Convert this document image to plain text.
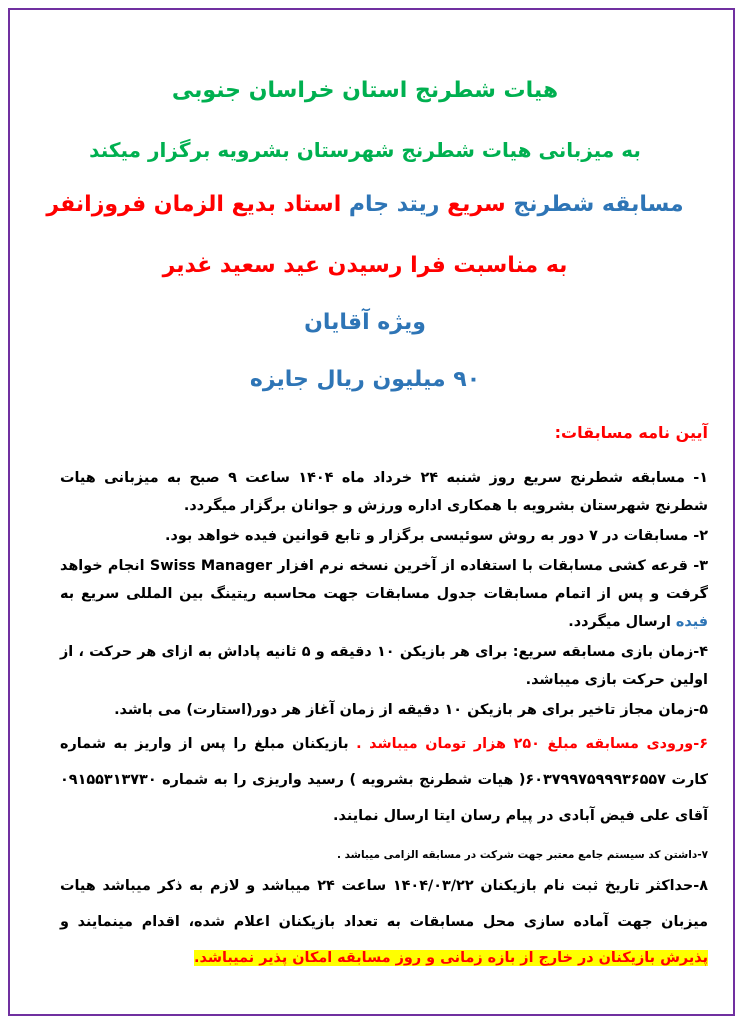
هیات شطرنج استان خراسان جنوبی
به میزبانی هیات شطرنج شهرستان بشرویه برگزار میکند
مسابقه شطرنج سریع ریتد جام استاد بدیع الزمان فروزانفر
به مناسبت فرا رسیدن عید سعید غدیر
ویژه آقایان
۹۰ میلیون ریال جایزه
آیین نامه مسابقات:

۱- مسابقه شطرنج سریع روز شنبه ۲۴ خرداد ماه ۱۴۰۴ ساعت ۹ صبح به میزبانی هیات شطرنج شهرستان بشرویه با همکاری اداره ورزش و جوانان برگزار میگردد.

۲- مسابقات در ۷ دور به روش سوئیسی برگزار و تابع قوانین فیده خواهد بود.

۳- قرعه کشی مسابقات با استفاده از آخرین نسخه نرم افزار Swiss Manager انجام خواهد گرفت و پس از اتمام مسابقات جدول مسابقات جهت محاسبه ریتینگ بین المللی سریع به فیده ارسال میگردد.

۴-زمان بازی مسابقه سریع: برای هر بازیکن ۱۰ دقیقه و ۵ ثانیه پاداش به ازای هر حرکت ، از اولین حرکت بازی میباشد.

۵-زمان مجاز تاخیر برای هر بازیکن ۱۰ دقیقه از زمان آغاز هر دور(استارت) می باشد.

۶-ورودی مسابقه مبلغ ۲۵۰ هزار تومان میباشد . بازیکنان مبلغ را پس از واریز به شماره کارت ۶۰۳۷۹۹۷۵۹۹۹۳۶۵۵۷( هیات شطرنج بشرویه ) رسید واریزی را به شماره ۰۹۱۵۵۳۱۳۷۳۰ آقای علی فیض آبادی در پیام رسان ایتا ارسال نمایند.

۷-داشتن کد سیستم جامع معتبر جهت شرکت در مسابقه الزامی میباشد .

۸-حداکثر تاریخ ثبت نام بازیکنان ۱۴۰۴/۰۳/۲۲ ساعت ۲۴ میباشد و لازم به ذکر میباشد هیات میزبان جهت آماده سازی محل مسابقات به تعداد بازیکنان اعلام شده، اقدام مینمایند و پذیرش بازیکنان در خارج از بازه زمانی و روز مسابقه امکان پذیر نمیباشد.
